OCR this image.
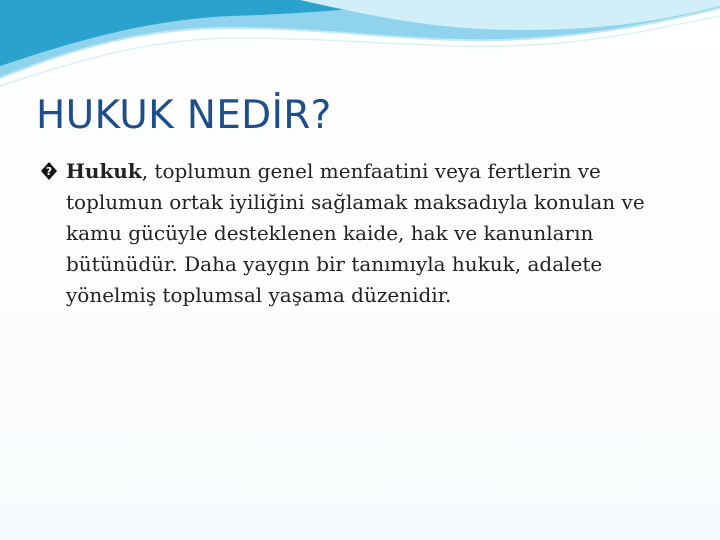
HUKUK NEDİR?
? Hukuk, toplumun genel menfaatini veya fertlerin ve toplumun ortak iyiliğini sağlamak maksadıyla konulan ve kamu gücüyle desteklenen kaide, hak ve kanunların bütünüdür. Daha yaygın bir tanımıyla hukuk, adalete yönelmiş toplumsal yaşama düzenidir.
